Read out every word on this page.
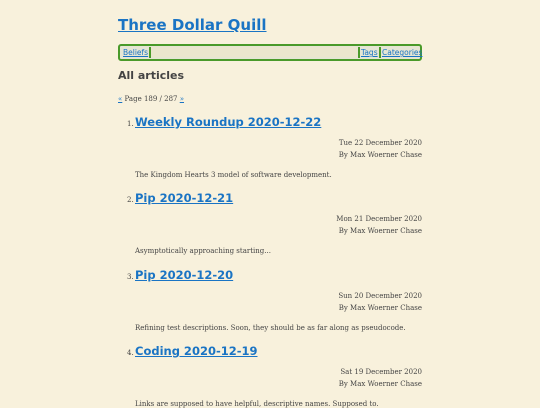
Three Dollar Quill
Beliefs	Tags Categories
All articles
« Page 189 / 287 »
1. Weekly Roundup 2020-12-22
Tue 22 December 2020
By Max Woerner Chase
The Kingdom Hearts 3 model of software development.
2. Pip 2020-12-21
Mon 21 December 2020
By Max Woerner Chase
Asymptotically approaching starting...
3. Pip 2020-12-20
Sun 20 December 2020
By Max Woerner Chase
Refining test descriptions. Soon, they should be as far along as pseudocode.
4. Coding 2020-12-19
Sat 19 December 2020
By Max Woerner Chase
Links are supposed to have helpful, descriptive names. Supposed to.
